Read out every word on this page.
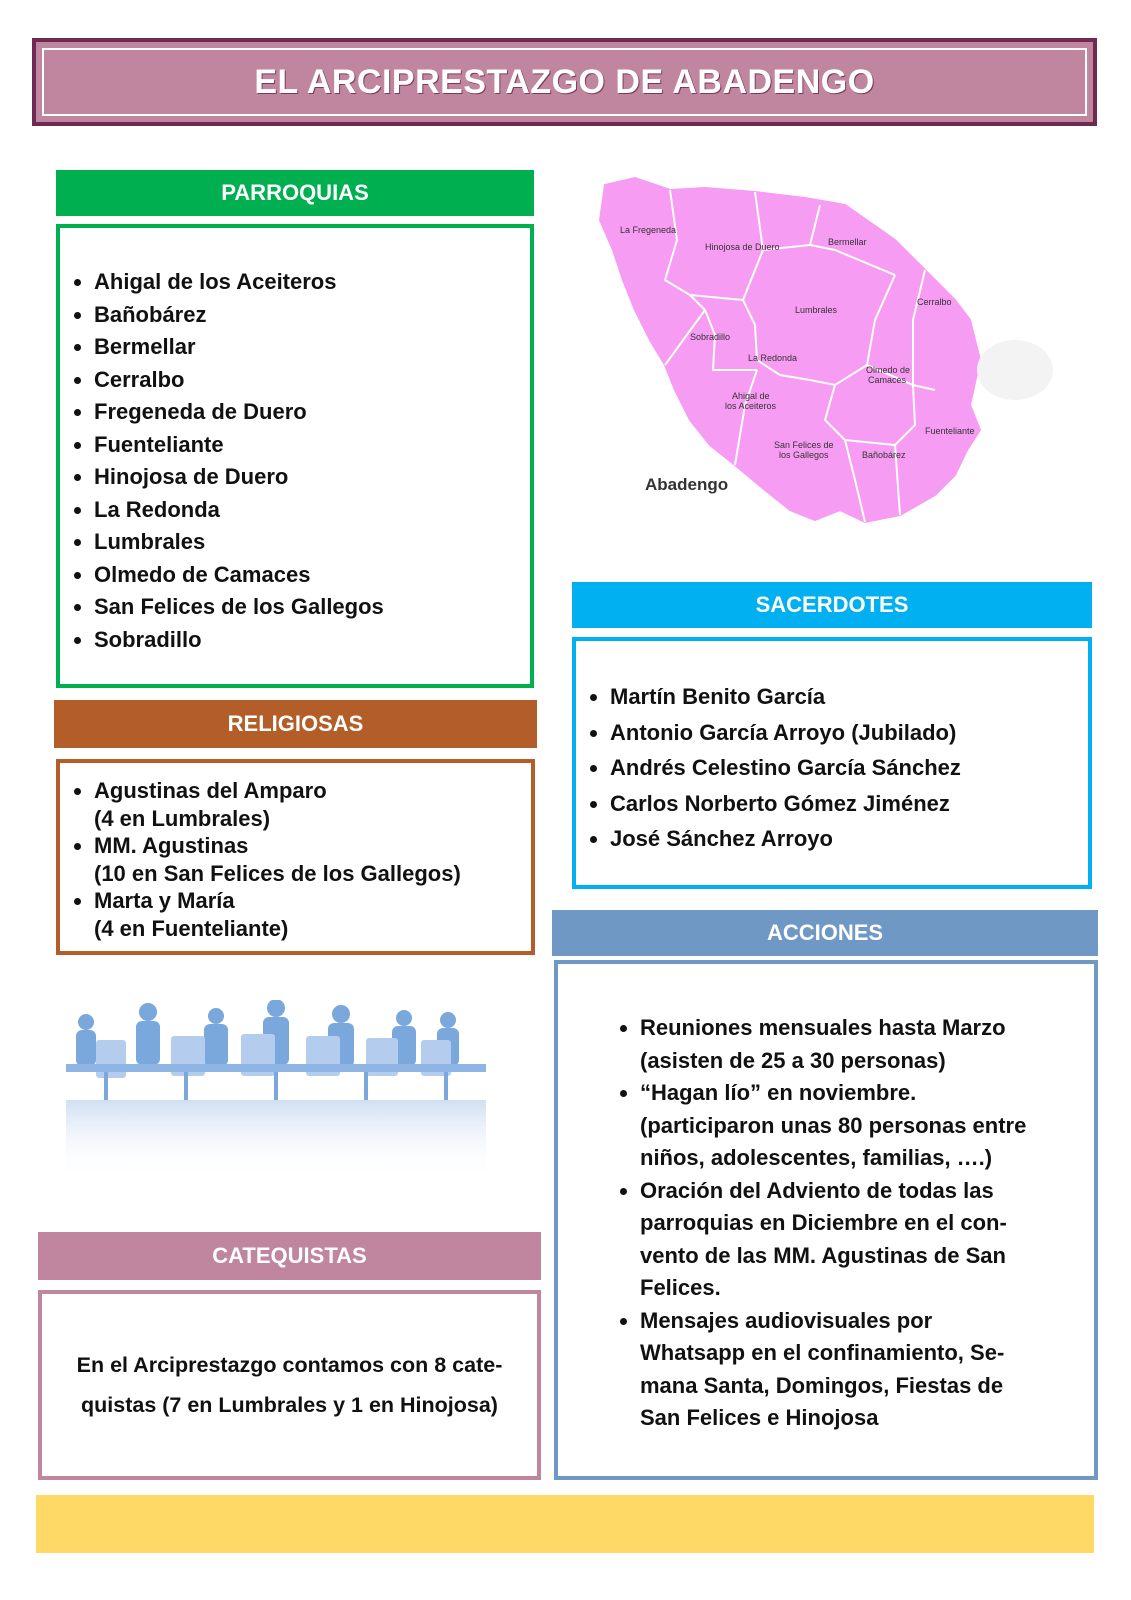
EL ARCIPRESTAZGO DE ABADENGO
PARROQUIAS
• Ahigal de los Aceiteros
• Bañobárez
• Bermellar
• Cerralbo
• Fregeneda de Duero
• Fuenteliante
• Hinojosa de Duero
• La Redonda
• Lumbrales
• Olmedo de Camaces
• San Felices de los Gallegos
• Sobradillo
RELIGIOSAS
• Agustinas del Amparo
(4 en Lumbrales)
• MM. Agustinas
(10 en San Felices de los Gallegos)
• Marta y María
(4 en Fuenteliante)
La Fregeneda
Hinojosa de Duero	Bermellar
Cerralbo
Lumbrales
Sobradillo
La Redonda
Olmedo de
Camaces
Ahigal de
los Aceiteros
Fuenteliante
San Felices de
los Gallegos	Bañobárez
Abadengo
SACERDOTES
• Martín Benito García
• Antonio García Arroyo (Jubilado)
• Andrés Celestino García Sánchez
• Carlos Norberto Gómez Jiménez
• José Sánchez Arroyo
ACCIONES
• Reuniones mensuales hasta Marzo
(asisten de 25 a 30 personas)
• “Hagan lío” en noviembre.
(participaron unas 80 personas entre
niños, adolescentes, familias, ….)
• Oración del Adviento de todas las
parroquias en Diciembre en el con-
vento de las MM. Agustinas de San
Felices.
• Mensajes audiovisuales por
Whatsapp en el confinamiento, Se-
mana Santa, Domingos, Fiestas de
San Felices e Hinojosa
CATEQUISTAS

En el Arciprestazgo contamos con 8 cate-

quistas (7 en Lumbrales y 1 en Hinojosa)
